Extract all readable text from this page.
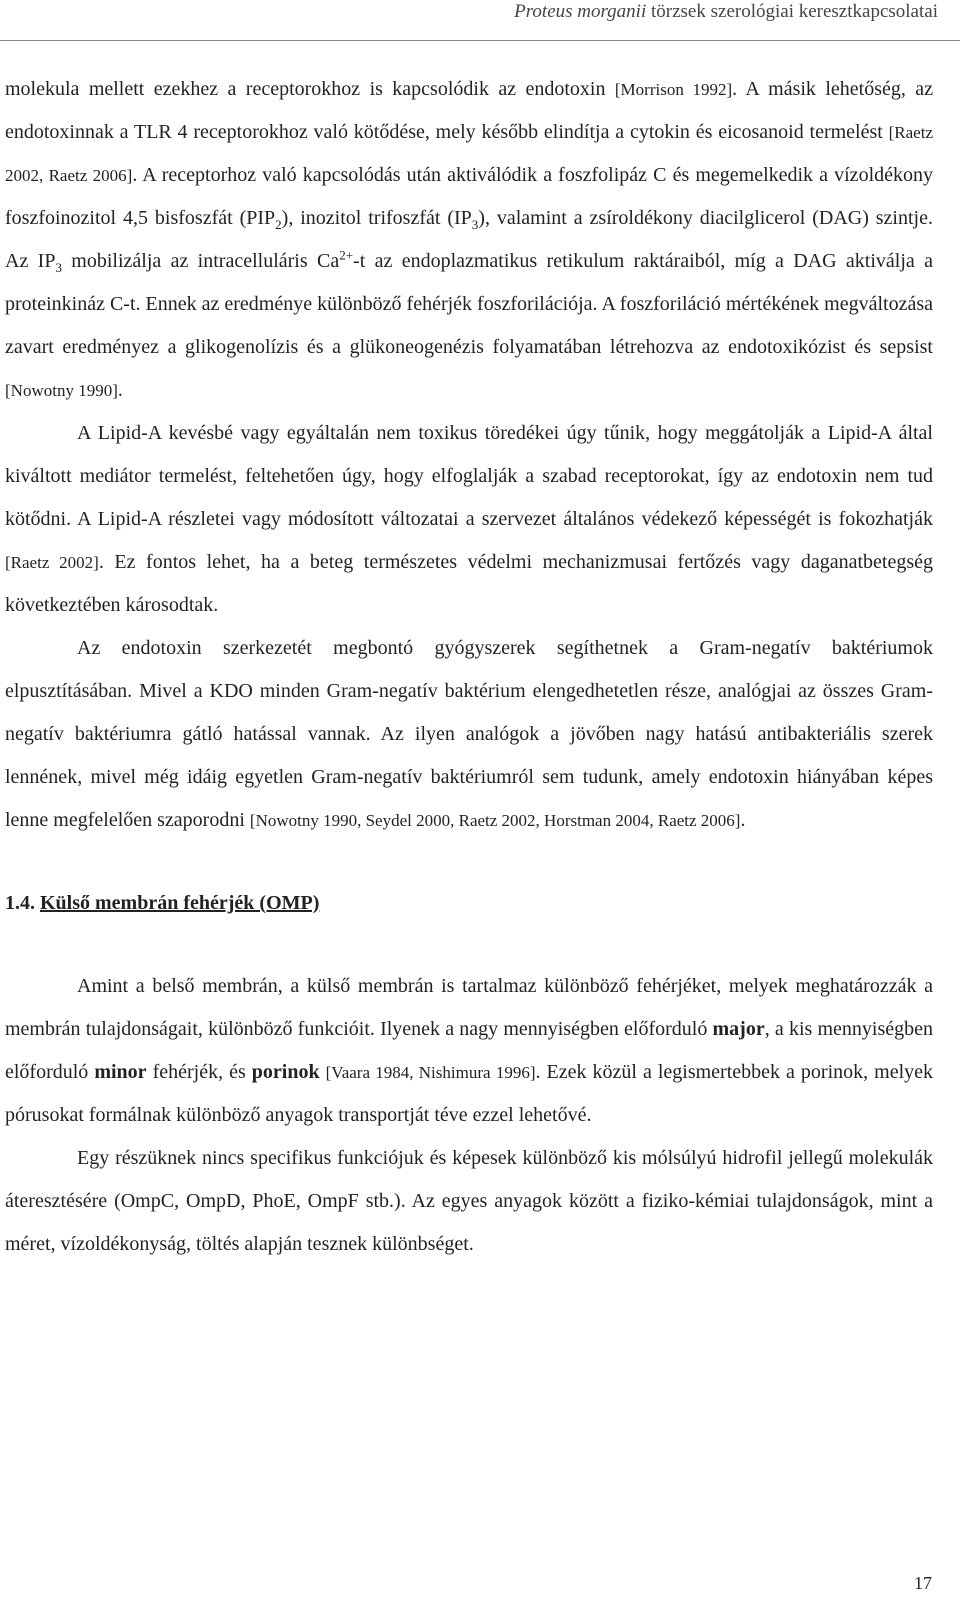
Proteus morganii törzsek szerológiai keresztkapcsolatai

molekula mellett ezekhez a receptorokhoz is kapcsolódik az endotoxin [Morrison 1992]. A másik lehetőség, az endotoxinnak a TLR 4 receptorokhoz való kötődése, mely később elindítja a cytokin és eicosanoid termelést [Raetz 2002, Raetz 2006]. A receptorhoz való kapcsolódás után aktiválódik a foszfolipáz C és megemelkedik a vízoldékony foszfoinozitol 4,5 bisfoszfát $(PIP_2)$, inozitol trifoszfát $(IP_3)$, valamint a zsíroldékony diacilglicerol (DAG) szintje. Az $IP_3$ mobilizálja az intracelluláris $Ca^{2+}-t$ az endoplazmatikus retikulum raktáraiból, míg a DAG aktiválja a proteinkináz C-t. Ennek az eredménye különböző fehérjék foszforilációja. A foszforiláció mértékének megváltozása zavart eredményez a glikogenolízis és a glükoneogenézis folyamatában létrehozva az endotoxikózist és sepsist [Nowotny 1990].

A Lipid-A kevésbé vagy egyáltalán nem toxikus töredékei úgy tűnik, hogy meggátolják a Lipid-A által kiváltott mediátor termelést, feltehetően úgy, hogy elfoglalják a szabad receptorokat, így az endotoxin nem tud kötődni. A Lipid-A részletei vagy módosított változatai a szervezet általános védekező képességét is fokozhatják [Raetz 2002]. Ez fontos lehet, ha a beteg természetes védelmi mechanizmusai fertőzés vagy daganatbetegség következtében károsodtak.

Az endotoxin szerkezetét megbontó gyógyszerek segíthetnek a Gram-negatív baktériumok elpusztításában. Mivel a KDO minden Gram-negatív baktérium elengedhetetlen része, analógjai az összes Gram-negatív baktériumra gátló hatással vannak. Az ilyen analógok a jövőben nagy hatású antibakteriális szerek lennének, mivel még idáig egyetlen Gram-negatív baktériumról sem tudunk, amely endotoxin hiányában képes lenne megfelelően szaporodni [Nowotny 1990, Seydel 2000, Raetz 2002, Horstman 2004, Raetz 2006].

1.4. Külső membrán fehérjék (OMP)

Amint a belső membrán, a külső membrán is tartalmaz különböző fehérjéket, melyek meghatározzák a membrán tulajdonságait, különböző funkcióit. Ilyenek a nagy mennyiségben előforduló major, a kis mennyiségben előforduló minor fehérjék, és porinok [Vaara 1984, Nishimura 1996]. Ezek közül a legismertebbek a porinok, melyek pórusokat formálnak különböző anyagok transportját téve ezzel lehetővé.

Egy részüknek nincs specifikus funkciójuk és képesek különböző kis mólsúlyú hidrofil jellegű molekulák áteresztésére (OmpC, OmpD, PhoE, OmpF stb.). Az egyes anyagok között a fiziko-kémiai tulajdonságok, mint a méret, vízoldékonyság, töltés alapján tesznek különbséget.

17
